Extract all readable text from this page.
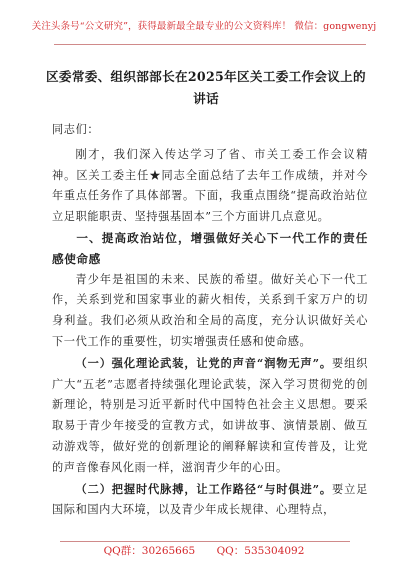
关注头条号“公文研究”，获得最新最全最专业的公文资料库！ 微信：gongwenyj
区委常委、组织部部长在2025年区关工委工作会议上的讲话

同志们：

刚才，我们深入传达学习了省、市关工委工作会议精神。区关工委主任★同志全面总结了去年工作成绩，并对今年重点任务作了具体部署。下面，我重点围绕“提高政治站位立足职能职责、坚持强基固本”三个方面讲几点意见。

一、提高政治站位，增强做好关心下一代工作的责任感使命感

青少年是祖国的未来、民族的希望。做好关心下一代工作，关系到党和国家事业的薪火相传，关系到千家万户的切身利益。我们必须从政治和全局的高度，充分认识做好关心下一代工作的重要性，切实增强责任感和使命感。

（一）强化理论武装，让党的声音“润物无声”。要组织广大“五老”志愿者持续强化理论武装，深入学习贯彻党的创新理论，特别是习近平新时代中国特色社会主义思想。要采取易于青少年接受的宣教方式，如讲故事、演情景剧、做互动游戏等，做好党的创新理论的阐释解读和宣传普及，让党的声音像春风化雨一样，滋润青少年的心田。

（二）把握时代脉搏，让工作路径“与时俱进”。要立足国际和国内大环境，以及青少年成长规律、心理特点，

QQ群：30265665 QQ：535304092
